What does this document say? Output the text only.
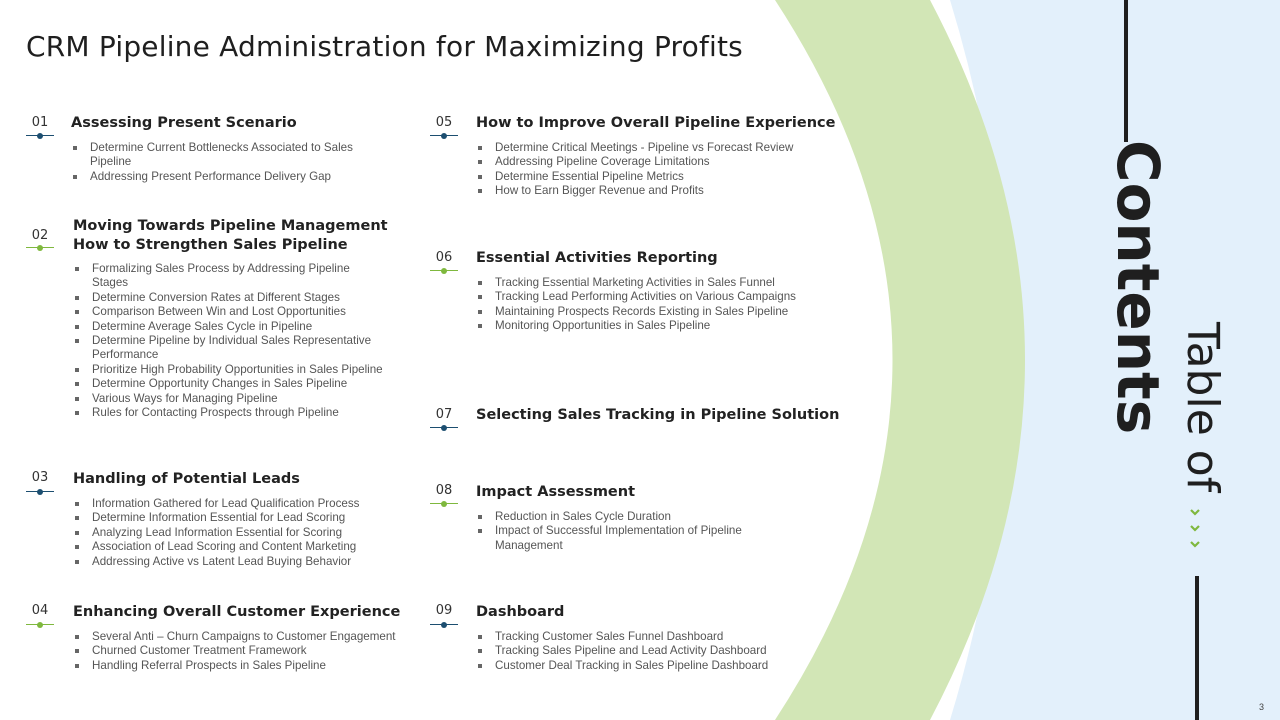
CRM Pipeline Administration for Maximizing Profits
01	Assessing Present Scenario
Determine Current Bottlenecks Associated to Sales Pipeline
Addressing Present Performance Delivery Gap
02
Moving Towards Pipeline Management
How to Strengthen Sales Pipeline
Formalizing Sales Process by Addressing Pipeline Stages
Determine Conversion Rates at Different Stages
Comparison Between Win and Lost Opportunities
Determine Average Sales Cycle in Pipeline
Determine Pipeline by Individual Sales Representative Performance
Prioritize High Probability Opportunities in Sales Pipeline
Determine Opportunity Changes in Sales Pipeline
Various Ways for Managing Pipeline
Rules for Contacting Prospects through Pipeline
03	Handling of Potential Leads
Information Gathered for Lead Qualification Process
Determine Information Essential for Lead Scoring
Analyzing Lead Information Essential for Scoring
Association of Lead Scoring and Content Marketing
Addressing Active vs Latent Lead Buying Behavior
04	Enhancing Overall Customer Experience
Several Anti – Churn Campaigns to Customer Engagement
Churned Customer Treatment Framework
Handling Referral Prospects in Sales Pipeline
05	How to Improve Overall Pipeline Experience
Determine Critical Meetings - Pipeline vs Forecast Review
Addressing Pipeline Coverage Limitations
Determine Essential Pipeline Metrics
How to Earn Bigger Revenue and Profits
06	Essential Activities Reporting
Tracking Essential Marketing Activities in Sales Funnel
Tracking Lead Performing Activities on Various Campaigns
Maintaining Prospects Records Existing in Sales Pipeline
Monitoring Opportunities in Sales Pipeline
07	Selecting Sales Tracking in Pipeline Solution
08	Impact Assessment
Reduction in Sales Cycle Duration
Impact of Successful Implementation of Pipeline Management
09	Dashboard
Tracking Customer Sales Funnel Dashboard
Tracking Sales Pipeline and Lead Activity Dashboard
Customer Deal Tracking in Sales Pipeline Dashboard
Contents Table of
3
